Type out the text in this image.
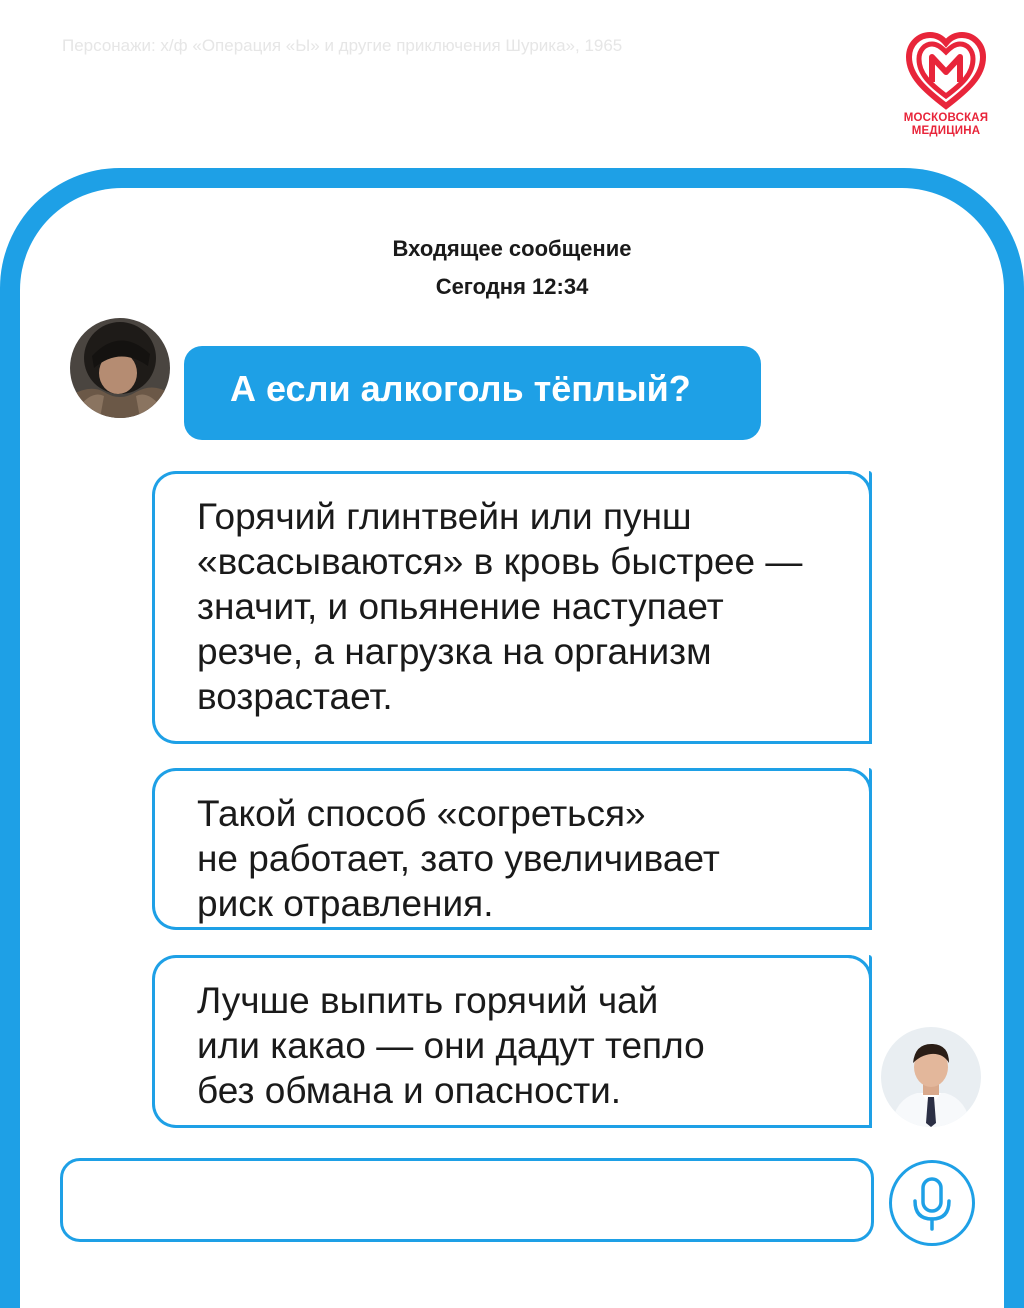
Персонажи: х/ф «Операция «Ы» и другие приключения Шурика», 1965
МОСКОВСКАЯ
МЕДИЦИНА
Входящее сообщение
Сегодня 12:34
А если алкоголь тёплый?
Горячий глинтвейн или пунш
«всасываются» в кровь быстрее —
значит, и опьянение наступает
резче, а нагрузка на организм
возрастает.
Такой способ «согреться»
не работает, зато увеличивает
риск отравления.
Лучше выпить горячий чай
или какао — они дадут тепло
без обмана и опасности.
